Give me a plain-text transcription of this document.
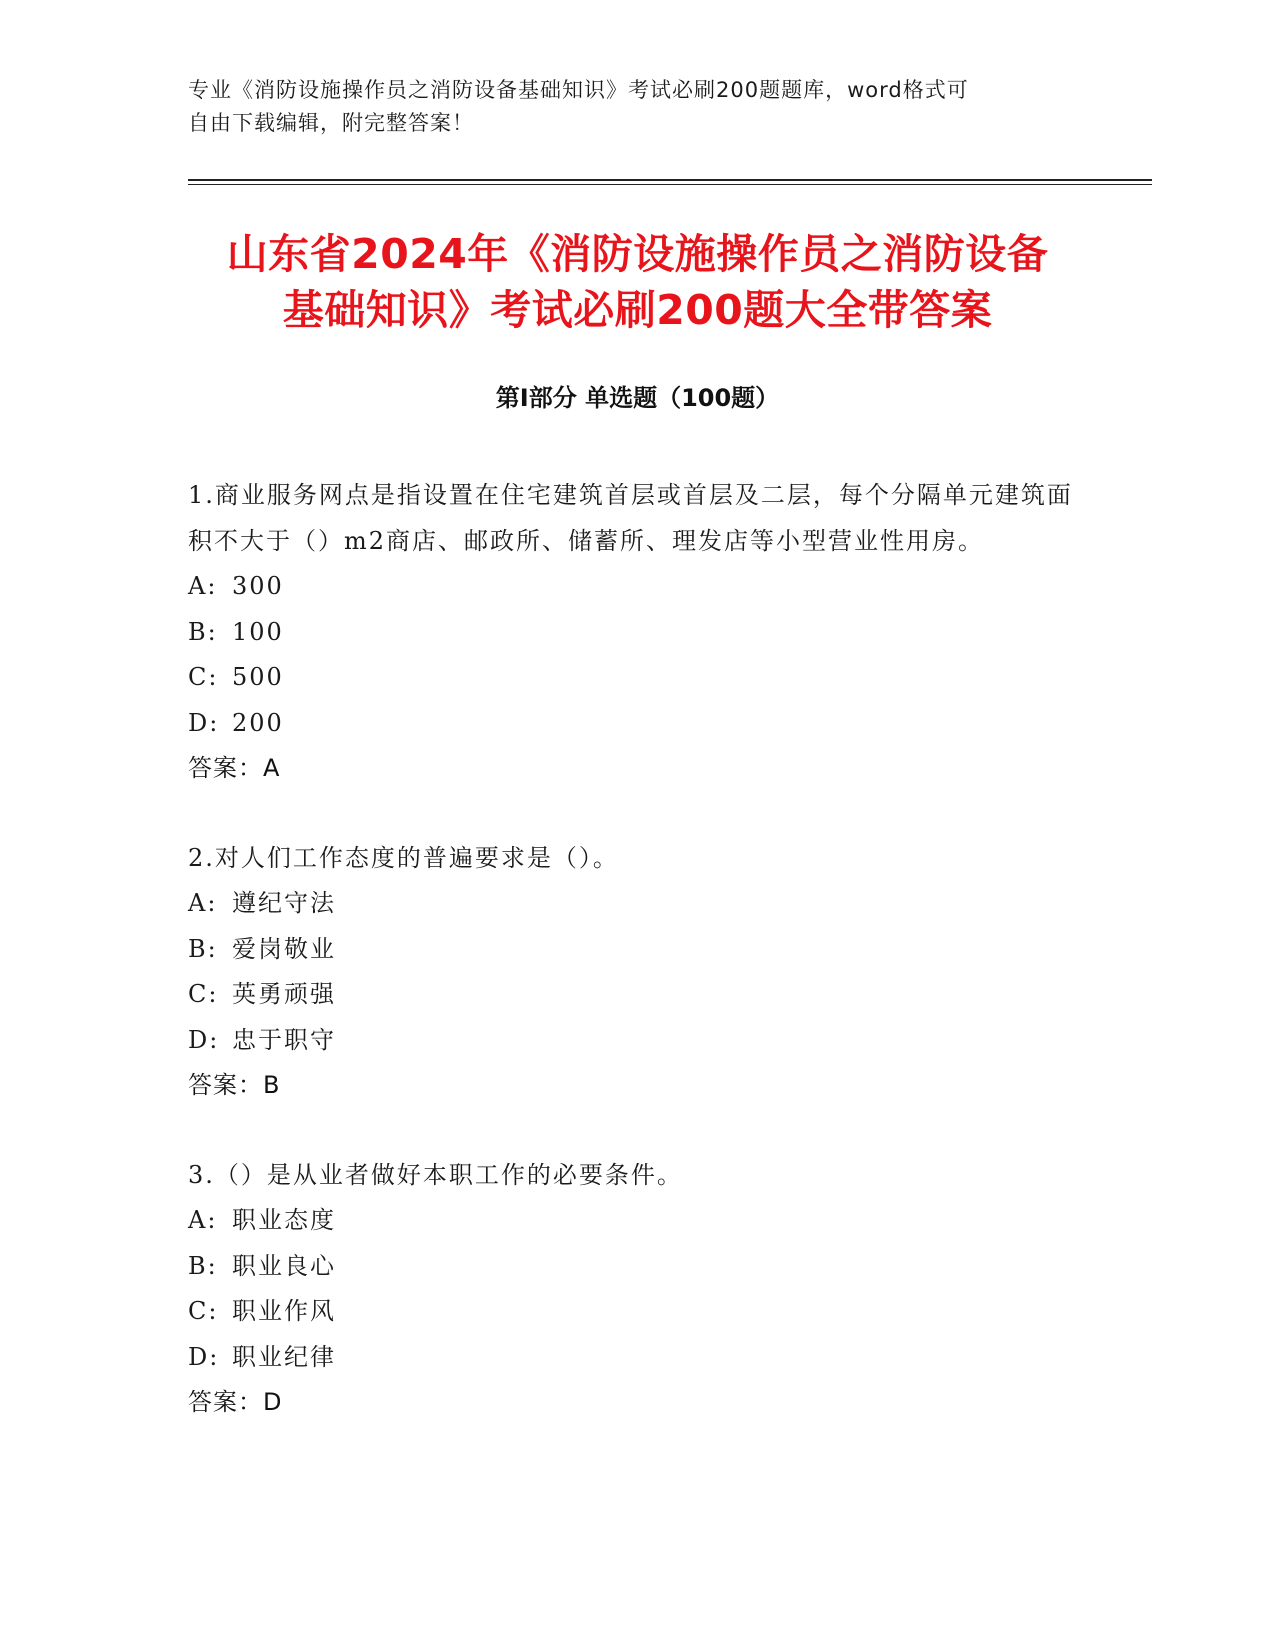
专业《消防设施操作员之消防设备基础知识》考试必刷200题题库，word格式可
自由下载编辑，附完整答案！
山东省2024年《消防设施操作员之消防设备
基础知识》考试必刷200题大全带答案
第Ⅰ部分 单选题（100题）
1.商业服务网点是指设置在住宅建筑首层或首层及二层，每个分隔单元建筑面积不大于（）m2商店、邮政所、储蓄所、理发店等小型营业性用房。
A: 300
B: 100
C: 500
D: 200
答案：A
2.对人们工作态度的普遍要求是（）。
A: 遵纪守法
B: 爱岗敬业
C: 英勇顽强
D: 忠于职守
答案：B
3.（）是从业者做好本职工作的必要条件。
A: 职业态度
B: 职业良心
C: 职业作风
D: 职业纪律
答案：D
